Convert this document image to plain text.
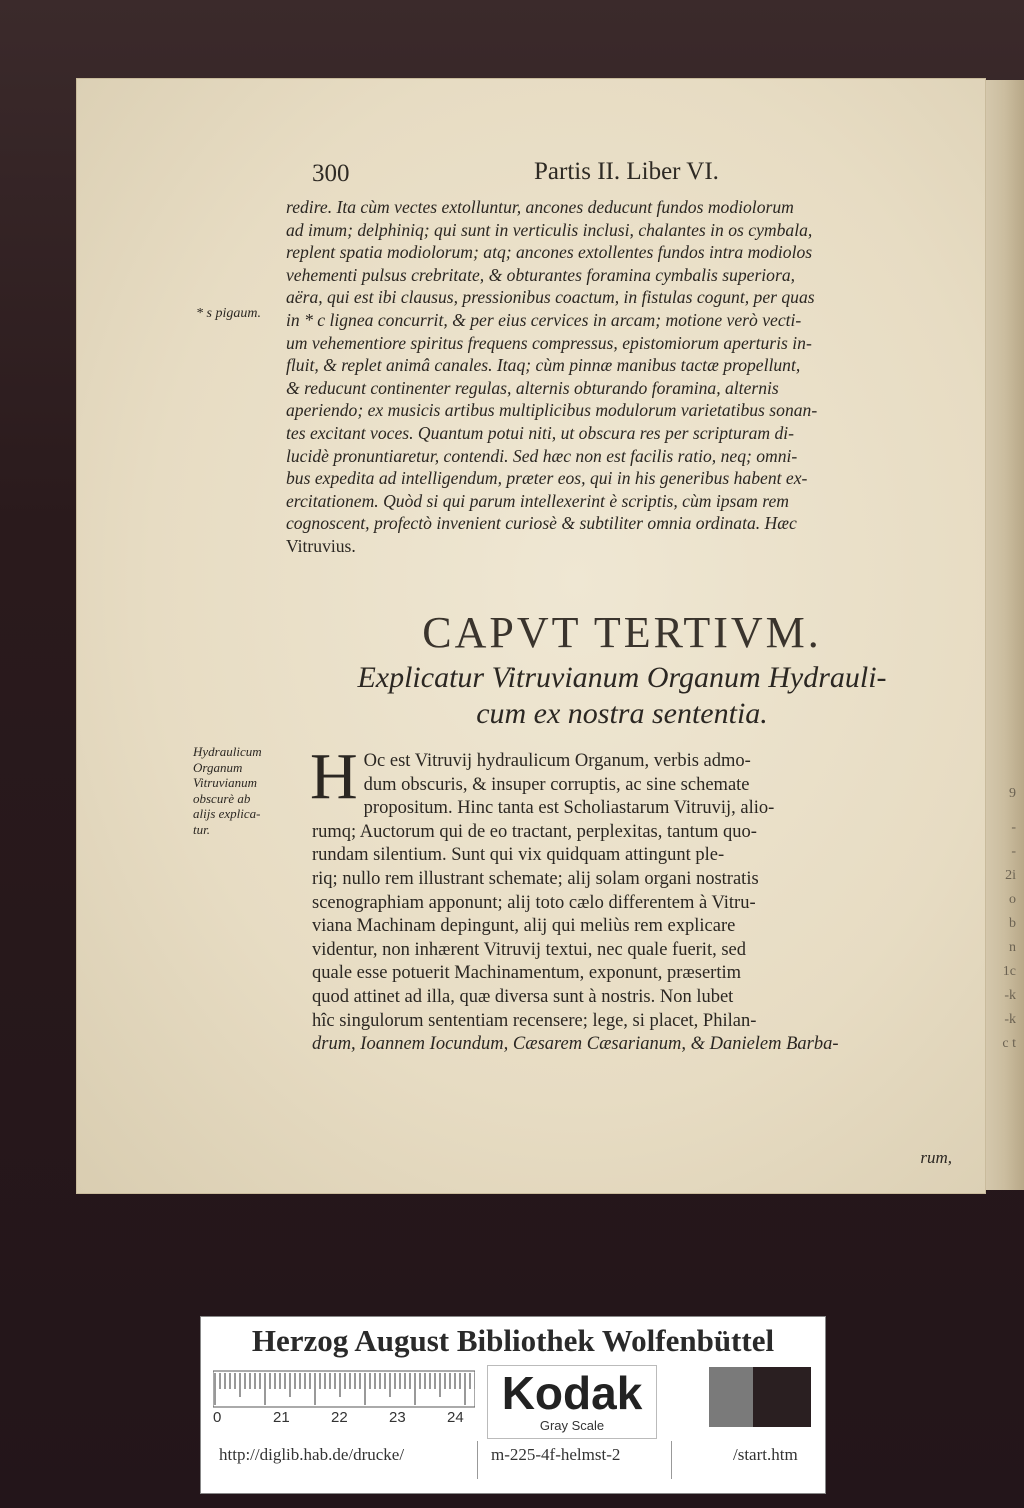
9
-
-
2i
o
b
n
1c
-k
-k
c t
300	Partis II. Liber VI.
* s pigaum.

redire. Ita cùm vectes extolluntur, ancones deducunt fundos modiolorum

ad imum; delphiniq; qui sunt in verticulis inclusi, chalantes in os cymbala,

replent spatia modiolorum; atq; ancones extollentes fundos intra modiolos

vehementi pulsus crebritate, & obturantes foramina cymbalis superiora,

aëra, qui est ibi clausus, pressionibus coactum, in fistulas cogunt, per quas

in * c lignea concurrit, & per eius cervices in arcam; motione verò vecti-

um vehementiore spiritus frequens compressus, epistomiorum aperturis in-

fluit, & replet animâ canales. Itaq; cùm pinnæ manibus tactæ propellunt,

& reducunt continenter regulas, alternis obturando foramina, alternis

aperiendo; ex musicis artibus multiplicibus modulorum varietatibus sonan-

tes excitant voces. Quantum potui niti, ut obscura res per scripturam di-

lucidè pronuntiaretur, contendi. Sed hæc non est facilis ratio, neq; omni-

bus expedita ad intelligendum, præter eos, qui in his generibus habent ex-

ercitationem. Quòd si qui parum intellexerint è scriptis, cùm ipsam rem

cognoscent, profectò invenient curiosè & subtiliter omnia ordinata. Hæc

Vitruvius.

CAPVT TERTIVM.
Explicatur Vitruvianum Organum Hydrauli-
cum ex nostra sententia.

Hydraulicum

Organum

Vitruvianum

obscurè ab

alijs explica-

tur.

H Oc est Vitruvij hydraulicum Organum, verbis admo-

dum obscuris, & insuper corruptis, ac sine schemate

propositum. Hinc tanta est Scholiastarum Vitruvij, alio-

rumq; Auctorum qui de eo tractant, perplexitas, tantum quo-

rundam silentium. Sunt qui vix quidquam attingunt ple-

riq; nullo rem illustrant schemate; alij solam organi nostratis

scenographiam apponunt; alij toto cælo differentem à Vitru-

viana Machinam depingunt, alij qui meliùs rem explicare

videntur, non inhærent Vitruvij textui, nec quale fuerit, sed

quale esse potuerit Machinamentum, exponunt, præsertim

quod attinet ad illa, quæ diversa sunt à nostris. Non lubet

hîc singulorum sententiam recensere; lege, si placet, Philan-

drum, Ioannem Iocundum, Cæsarem Cæsarianum, & Danielem Barba-

rum,
Herzog August Bibliothek Wolfenbüttel
0	21	22	23	24 Kodak
Gray Scale
http://diglib.hab.de/drucke/	m-225-4f-helmst-2	/start.htm
